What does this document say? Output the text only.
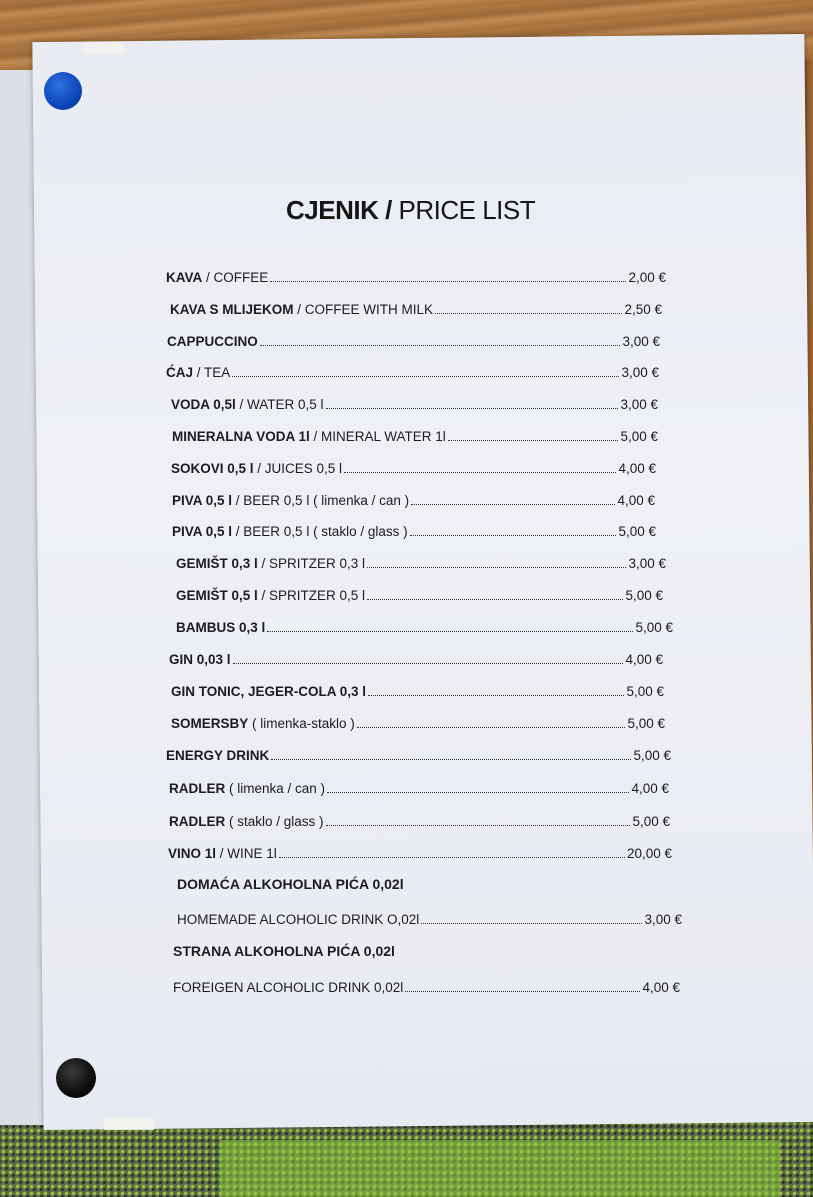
CJENIK / PRICE LIST
KAVA / COFFEE	2,00 €
KAVA S MLIJEKOM / COFFEE WITH MILK	2,50 €
CAPPUCCINO	3,00 €
ĆAJ / TEA	3,00 €
VODA 0,5l / WATER 0,5 l	3,00 €
MINERALNA VODA 1l / MINERAL WATER 1l	5,00 €
SOKOVI 0,5 l / JUICES 0,5 l	4,00 €
PIVA 0,5 l / BEER 0,5 l ( limenka / can )	4,00 €
PIVA 0,5 l / BEER 0,5 l ( staklo / glass )	5,00 €
GEMIŠT 0,3 l / SPRITZER 0,3 l	3,00 €
GEMIŠT 0,5 l / SPRITZER 0,5 l	5,00 €
BAMBUS 0,3 l	5,00 €
GIN 0,03 l	4,00 €
GIN TONIC, JEGER-COLA 0,3 l	5,00 €
SOMERSBY ( limenka-staklo )	5,00 €
ENERGY DRINK	5,00 €
RADLER ( limenka / can )	4,00 €
RADLER ( staklo / glass )	5,00 €
VINO 1l / WINE 1l	20,00 €
DOMAĆA ALKOHOLNA PIĆA 0,02l
HOMEMADE ALCOHOLIC DRINK O,02l	3,00 €
STRANA ALKOHOLNA PIĆA 0,02l
FOREIGEN ALCOHOLIC DRINK 0,02l	4,00 €
